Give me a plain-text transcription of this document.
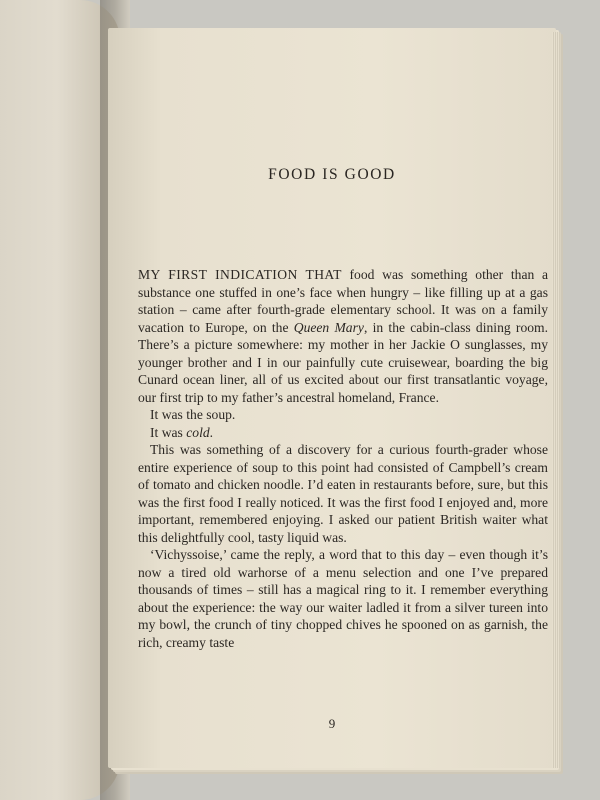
FOOD IS GOOD

MY FIRST INDICATION THAT food was something other than a substance one stuffed in one’s face when hungry – like filling up at a gas station – came after fourth-grade elementary school. It was on a family vacation to Europe, on the Queen Mary, in the cabin-class dining room. There’s a picture somewhere: my mother in her Jackie O sunglasses, my younger brother and I in our painfully cute cruisewear, boarding the big Cunard ocean liner, all of us excited about our first transatlantic voyage, our first trip to my father’s ancestral homeland, France.

It was the soup.

It was cold.

This was something of a discovery for a curious fourth-grader whose entire experience of soup to this point had consisted of Campbell’s cream of tomato and chicken noodle. I’d eaten in restaurants before, sure, but this was the first food I really noticed. It was the first food I enjoyed and, more important, remembered enjoying. I asked our patient British waiter what this delightfully cool, tasty liquid was.

‘Vichyssoise,’ came the reply, a word that to this day – even though it’s now a tired old warhorse of a menu selection and one I’ve prepared thousands of times – still has a magical ring to it. I remember everything about the experience: the way our waiter ladled it from a silver tureen into my bowl, the crunch of tiny chopped chives he spooned on as garnish, the rich, creamy taste

9
